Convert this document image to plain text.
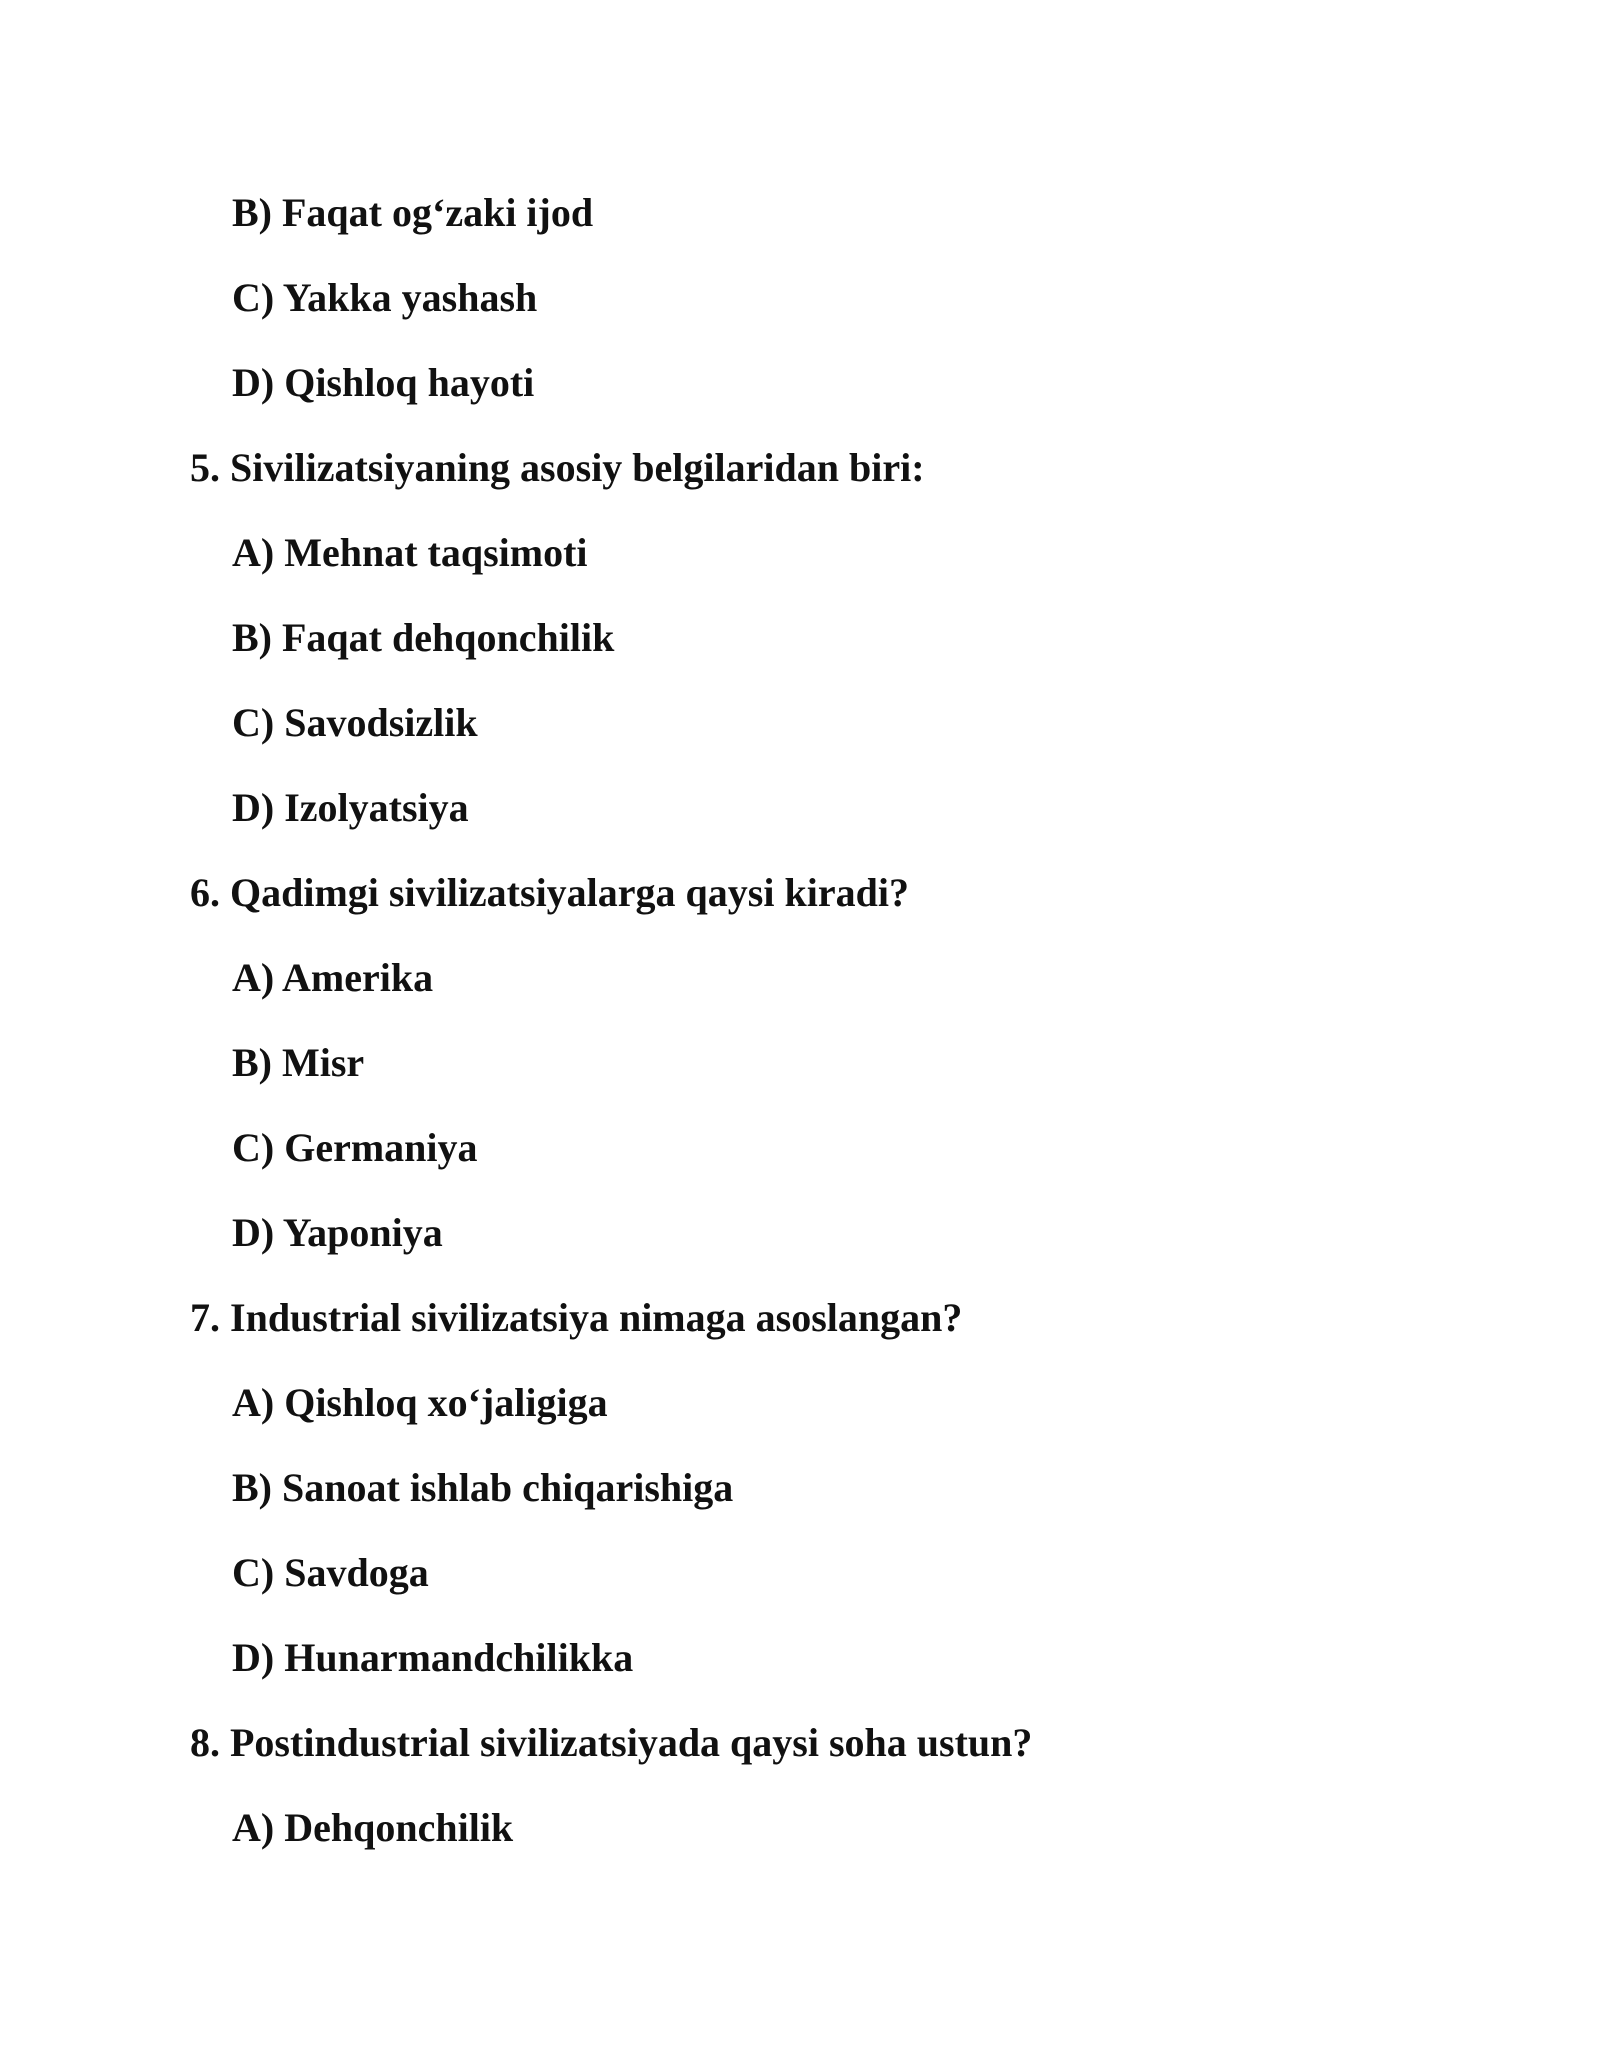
B) Faqat og‘zaki ijod
C) Yakka yashash
D) Qishloq hayoti
5. Sivilizatsiyaning asosiy belgilaridan biri:
A) Mehnat taqsimoti
B) Faqat dehqonchilik
C) Savodsizlik
D) Izolyatsiya
6. Qadimgi sivilizatsiyalarga qaysi kiradi?
A) Amerika
B) Misr
C) Germaniya
D) Yaponiya
7. Industrial sivilizatsiya nimaga asoslangan?
A) Qishloq xo‘jaligiga
B) Sanoat ishlab chiqarishiga
C) Savdoga
D) Hunarmandchilikka
8. Postindustrial sivilizatsiyada qaysi soha ustun?
A) Dehqonchilik
